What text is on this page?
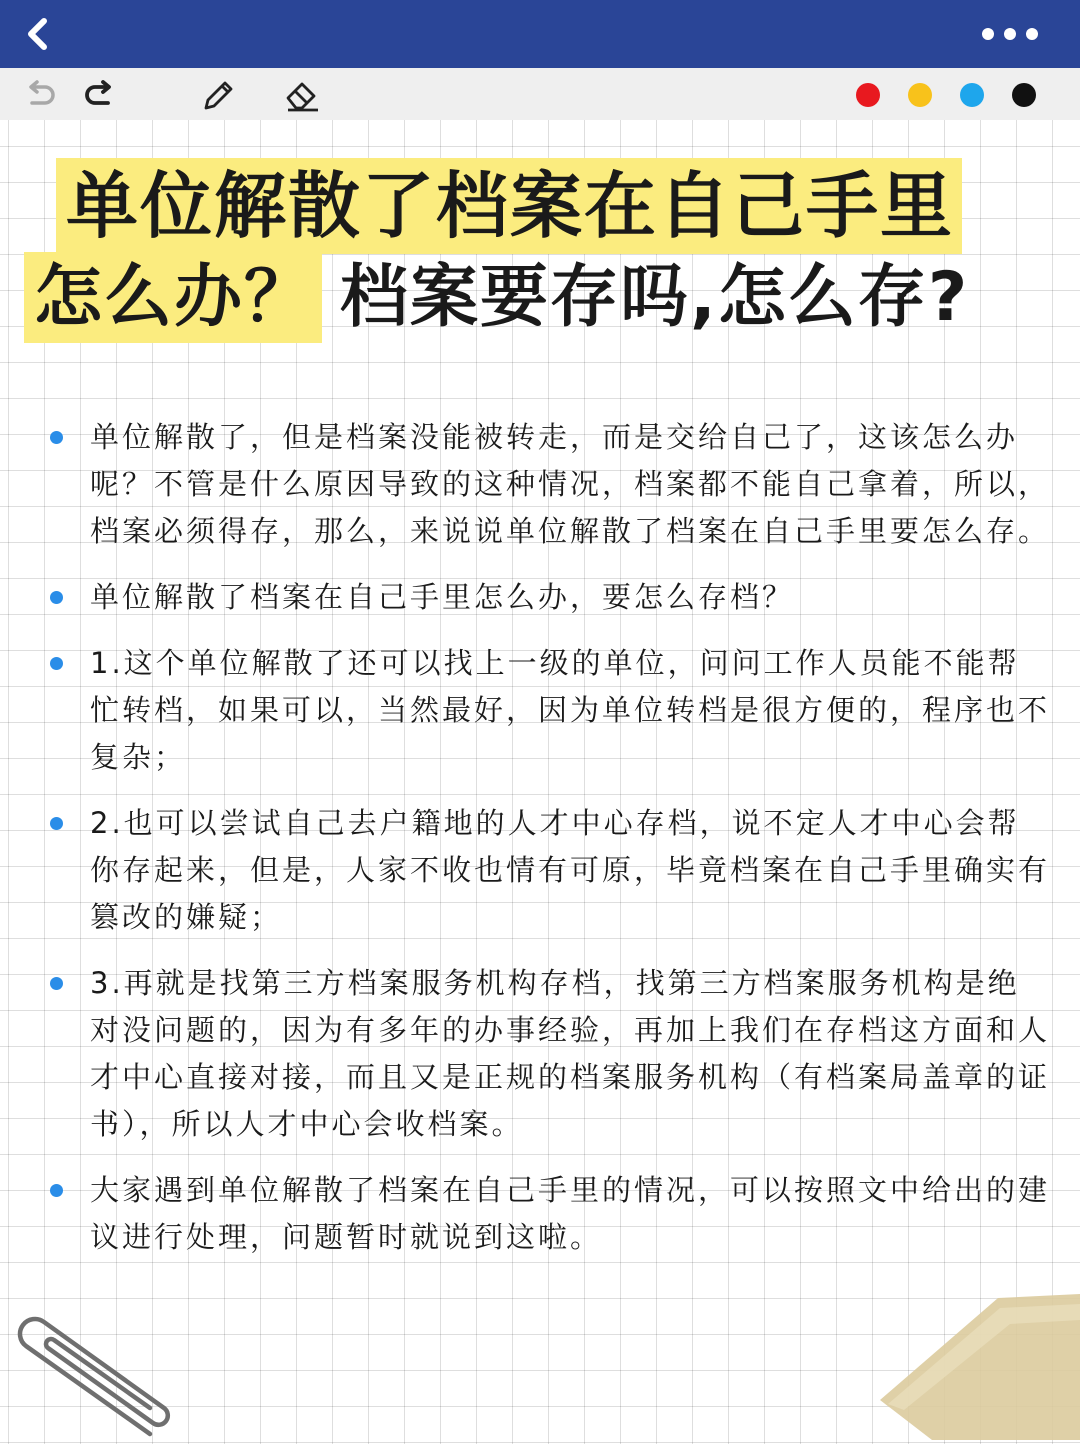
单位解散了档案在自己手里
怎么办？ 档案要存吗,怎么存?
单位解散了，但是档案没能被转走，而是交给自己了，这该怎么办呢？不管是什么原因导致的这种情况，档案都不能自己拿着，所以，档案必须得存，那么，来说说单位解散了档案在自己手里要怎么存。
单位解散了档案在自己手里怎么办，要怎么存档？
1.这个单位解散了还可以找上一级的单位，问问工作人员能不能帮忙转档，如果可以，当然最好，因为单位转档是很方便的，程序也不复杂；
2.也可以尝试自己去户籍地的人才中心存档，说不定人才中心会帮你存起来，但是，人家不收也情有可原，毕竟档案在自己手里确实有篡改的嫌疑；
3.再就是找第三方档案服务机构存档，找第三方档案服务机构是绝对没问题的，因为有多年的办事经验，再加上我们在存档这方面和人才中心直接对接，而且又是正规的档案服务机构（有档案局盖章的证书），所以人才中心会收档案。
大家遇到单位解散了档案在自己手里的情况，可以按照文中给出的建议进行处理，问题暂时就说到这啦。
